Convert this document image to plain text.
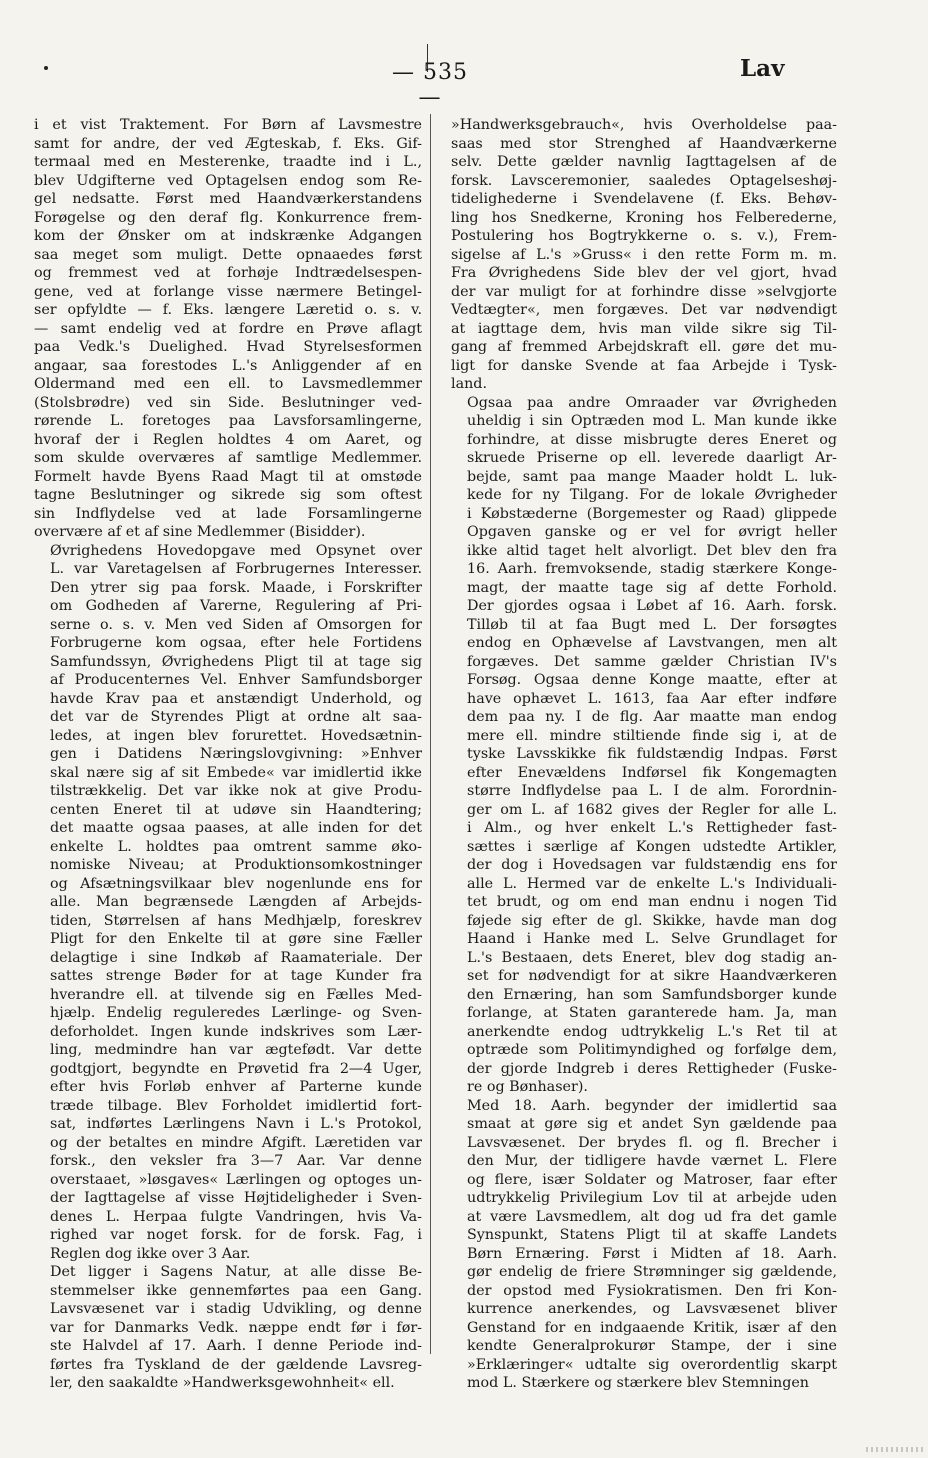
— 535 —
Lav

i et vist Traktement. For Børn af Lavsmestre
samt for andre, der ved Ægteskab, f. Eks. Gif-
termaal med en Mesterenke, traadte ind i L.,
blev Udgifterne ved Optagelsen endog som Re-
gel nedsatte. Først med Haandværkerstandens
Forøgelse og den deraf flg. Konkurrence frem-
kom der Ønsker om at indskrænke Adgangen
saa meget som muligt. Dette opnaaedes først
og fremmest ved at forhøje Indtrædelsespen-
gene, ved at forlange visse nærmere Betingel-
ser opfyldte — f. Eks. længere Læretid o. s. v.
— samt endelig ved at fordre en Prøve aflagt
paa Vedk.'s Duelighed. Hvad Styrelsesformen
angaar, saa forestodes L.'s Anliggender af en
Oldermand med een ell. to Lavsmedlemmer
(Stolsbrødre) ved sin Side. Beslutninger ved-
rørende L. foretoges paa Lavsforsamlingerne,
hvoraf der i Reglen holdtes 4 om Aaret, og
som skulde overværes af samtlige Medlemmer.
Formelt havde Byens Raad Magt til at omstøde
tagne Beslutninger og sikrede sig som oftest
sin Indflydelse ved at lade Forsamlingerne
overvære af et af sine Medlemmer (Bisidder).

Øvrighedens Hovedopgave med Opsynet over
L. var Varetagelsen af Forbrugernes Interesser.
Den ytrer sig paa forsk. Maade, i Forskrifter
om Godheden af Varerne, Regulering af Pri-
serne o. s. v. Men ved Siden af Omsorgen for
Forbrugerne kom ogsaa, efter hele Fortidens
Samfundssyn, Øvrighedens Pligt til at tage sig
af Producenternes Vel. Enhver Samfundsborger
havde Krav paa et anstændigt Underhold, og
det var de Styrendes Pligt at ordne alt saa-
ledes, at ingen blev forurettet. Hovedsætnin-
gen i Datidens Næringslovgivning: »Enhver
skal nære sig af sit Embede« var imidlertid ikke
tilstrækkelig. Det var ikke nok at give Produ-
centen Eneret til at udøve sin Haandtering;
det maatte ogsaa paases, at alle inden for det
enkelte L. holdtes paa omtrent samme øko-
nomiske Niveau; at Produktionsomkostninger
og Afsætningsvilkaar blev nogenlunde ens for
alle. Man begrænsede Længden af Arbejds-
tiden, Størrelsen af hans Medhjælp, foreskrev
Pligt for den Enkelte til at gøre sine Fæller
delagtige i sine Indkøb af Raamateriale. Der
sattes strenge Bøder for at tage Kunder fra
hverandre ell. at tilvende sig en Fælles Med-
hjælp. Endelig reguleredes Lærlinge- og Sven-
deforholdet. Ingen kunde indskrives som Lær-
ling, medmindre han var ægtefødt. Var dette
godtgjort, begyndte en Prøvetid fra 2—4 Uger,
efter hvis Forløb enhver af Parterne kunde
træde tilbage. Blev Forholdet imidlertid fort-
sat, indførtes Lærlingens Navn i L.'s Protokol,
og der betaltes en mindre Afgift. Læretiden var
forsk., den veksler fra 3—7 Aar. Var denne
overstaaet, »løsgaves« Lærlingen og optoges un-
der Iagttagelse af visse Højtideligheder i Sven-
denes L. Herpaa fulgte Vandringen, hvis Va-
righed var noget forsk. for de forsk. Fag, i
Reglen dog ikke over 3 Aar.

Det ligger i Sagens Natur, at alle disse Be-
stemmelser ikke gennemførtes paa een Gang.
Lavsvæsenet var i stadig Udvikling, og denne
var for Danmarks Vedk. næppe endt før i før-
ste Halvdel af 17. Aarh. I denne Periode ind-
førtes fra Tyskland de der gældende Lavsreg-
ler, den saakaldte »Handwerksgewohnheit« ell.

»Handwerksgebrauch«, hvis Overholdelse paa-
saas med stor Strenghed af Haandværkerne
selv. Dette gælder navnlig Iagttagelsen af de
forsk. Lavsceremonier, saaledes Optagelseshøj-
tidelighederne i Svendelavene (f. Eks. Behøv-
ling hos Snedkerne, Kroning hos Felberederne,
Postulering hos Bogtrykkerne o. s. v.), Frem-
sigelse af L.'s »Gruss« i den rette Form m. m.
Fra Øvrighedens Side blev der vel gjort, hvad
der var muligt for at forhindre disse »selvgjorte
Vedtægter«, men forgæves. Det var nødvendigt
at iagttage dem, hvis man vilde sikre sig Til-
gang af fremmed Arbejdskraft ell. gøre det mu-
ligt for danske Svende at faa Arbejde i Tysk-
land.

Ogsaa paa andre Omraader var Øvrigheden
uheldig i sin Optræden mod L. Man kunde ikke
forhindre, at disse misbrugte deres Eneret og
skruede Priserne op ell. leverede daarligt Ar-
bejde, samt paa mange Maader holdt L. luk-
kede for ny Tilgang. For de lokale Øvrigheder
i Købstæderne (Borgemester og Raad) glippede
Opgaven ganske og er vel for øvrigt heller
ikke altid taget helt alvorligt. Det blev den fra
16. Aarh. fremvoksende, stadig stærkere Konge-
magt, der maatte tage sig af dette Forhold.
Der gjordes ogsaa i Løbet af 16. Aarh. forsk.
Tilløb til at faa Bugt med L. Der forsøgtes
endog en Ophævelse af Lavstvangen, men alt
forgæves. Det samme gælder Christian IV's
Forsøg. Ogsaa denne Konge maatte, efter at
have ophævet L. 1613, faa Aar efter indføre
dem paa ny. I de flg. Aar maatte man endog
mere ell. mindre stiltiende finde sig i, at de
tyske Lavsskikke fik fuldstændig Indpas. Først
efter Enevældens Indførsel fik Kongemagten
større Indflydelse paa L. I de alm. Forordnin-
ger om L. af 1682 gives der Regler for alle L.
i Alm., og hver enkelt L.'s Rettigheder fast-
sættes i særlige af Kongen udstedte Artikler,
der dog i Hovedsagen var fuldstændig ens for
alle L. Hermed var de enkelte L.'s Individuali-
tet brudt, og om end man endnu i nogen Tid
føjede sig efter de gl. Skikke, havde man dog
Haand i Hanke med L. Selve Grundlaget for
L.'s Bestaaen, dets Eneret, blev dog stadig an-
set for nødvendigt for at sikre Haandværkeren
den Ernæring, han som Samfundsborger kunde
forlange, at Staten garanterede ham. Ja, man
anerkendte endog udtrykkelig L.'s Ret til at
optræde som Politimyndighed og forfølge dem,
der gjorde Indgreb i deres Rettigheder (Fuske-
re og Bønhaser).

Med 18. Aarh. begynder der imidlertid saa
smaat at gøre sig et andet Syn gældende paa
Lavsvæsenet. Der brydes fl. og fl. Brecher i
den Mur, der tidligere havde værnet L. Flere
og flere, især Soldater og Matroser, faar efter
udtrykkelig Privilegium Lov til at arbejde uden
at være Lavsmedlem, alt dog ud fra det gamle
Synspunkt, Statens Pligt til at skaffe Landets
Børn Ernæring. Først i Midten af 18. Aarh.
gør endelig de friere Strømninger sig gældende,
der opstod med Fysiokratismen. Den fri Kon-
kurrence anerkendes, og Lavsvæsenet bliver
Genstand for en indgaaende Kritik, især af den
kendte Generalprokurør Stampe, der i sine
»Erklæringer« udtalte sig overordentlig skarpt
mod L. Stærkere og stærkere blev Stemningen
